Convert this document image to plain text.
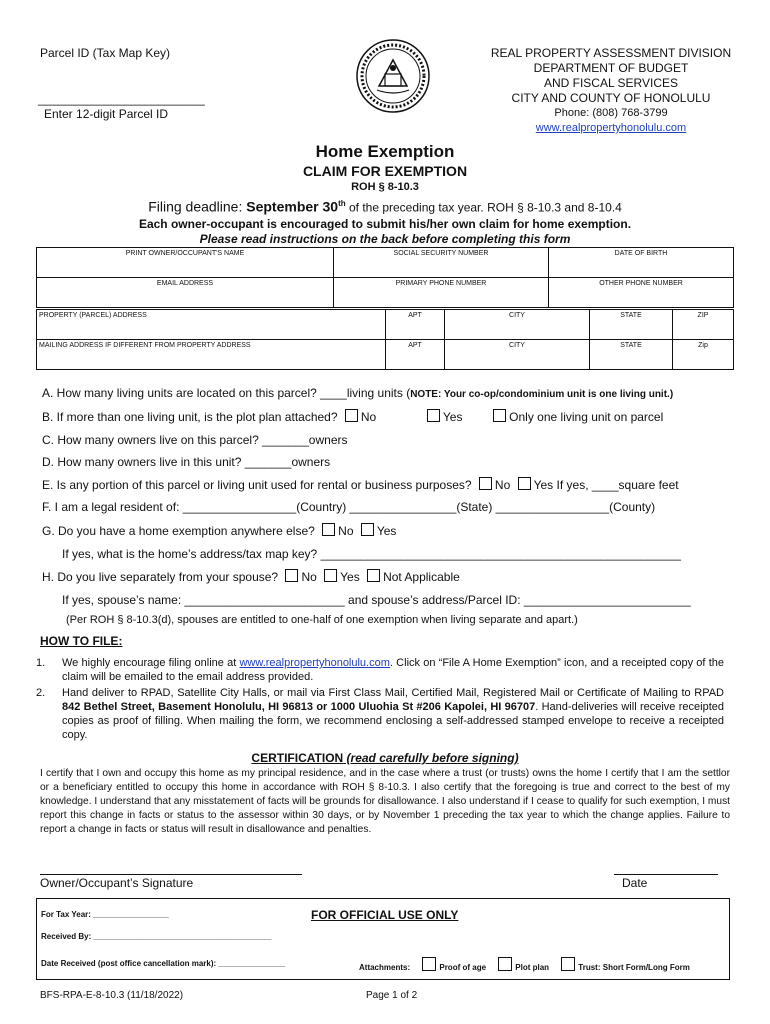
Parcel ID (Tax Map Key)
_________________________
Enter 12-digit Parcel ID
REAL PROPERTY ASSESSMENT DIVISION
DEPARTMENT OF BUDGET
AND FISCAL SERVICES
CITY AND COUNTY OF HONOLULU
Phone: (808) 768-3799
www.realpropertyhonolulu.com
Home Exemption
CLAIM FOR EXEMPTION
ROH § 8-10.3
Filing deadline: September 30th of the preceding tax year. ROH § 8-10.3 and 8-10.4
Each owner-occupant is encouraged to submit his/her own claim for home exemption.
Please read instructions on the back before completing this form
PRINT OWNER/OCCUPANT'S NAME	SOCIAL SECURITY NUMBER	DATE OF BIRTH
EMAIL ADDRESS	PRIMARY PHONE NUMBER	OTHER PHONE NUMBER
PROPERTY (PARCEL) ADDRESS	APT	CITY	STATE	ZIP
MAILING ADDRESS IF DIFFERENT FROM PROPERTY ADDRESS	APT	CITY	STATE	Zip
A. How many living units are located on this parcel? ____living units (NOTE: Your co-op/condominium unit is one living unit.)
B. If more than one living unit, is the plot plan attached? No	Yes	Only one living unit on parcel
C. How many owners live on this parcel? _______owners
D. How many owners live in this unit? _______owners
E. Is any portion of this parcel or living unit used for rental or business purposes? No Yes If yes, ____square feet
F. I am a legal resident of: _________________(Country) ________________(State) _________________(County)
G. Do you have a home exemption anywhere else? No Yes
If yes, what is the home’s address/tax map key? ______________________________________________________
H. Do you live separately from your spouse? No Yes Not Applicable
If yes, spouse’s name: ________________________ and spouse’s address/Parcel ID: _________________________
(Per ROH § 8-10.3(d), spouses are entitled to one-half of one exemption when living separate and apart.)
HOW TO FILE:
1. We highly encourage filing online at www.realpropertyhonolulu.com. Click on “File A Home Exemption” icon, and a receipted copy of the claim will be emailed to the email address provided.
2. Hand deliver to RPAD, Satellite City Halls, or mail via First Class Mail, Certified Mail, Registered Mail or Certificate of Mailing to RPAD 842 Bethel Street, Basement Honolulu, HI 96813 or 1000 Uluohia St #206 Kapolei, HI 96707. Hand-deliveries will receive receipted copies as proof of filling. When mailing the form, we recommend enclosing a self-addressed stamped envelope to receive a receipted copy.
CERTIFICATION (read carefully before signing)
I certify that I own and occupy this home as my principal residence, and in the case where a trust (or trusts) owns the home I certify that I am the settlor or a beneficiary entitled to occupy this home in accordance with ROH § 8-10.3. I also certify that the foregoing is true and correct to the best of my knowledge. I understand that any misstatement of facts will be grounds for disallowance. I also understand if I cease to qualify for such exemption, I must report this change in facts or status to the assessor within 30 days, or by November 1 preceding the tax year to which the change applies. Failure to report a change in facts or status will result in disallowance and penalties.
Owner/Occupant’s Signature	Date
For Tax Year: _________________	FOR OFFICIAL USE ONLY
Received By: ________________________________________
Date Received (post office cancellation mark): _______________	Attachments:	Proof of age	Plot plan	Trust: Short Form/Long Form
BFS-RPA-E-8-10.3 (11/18/2022)	Page 1 of 2
